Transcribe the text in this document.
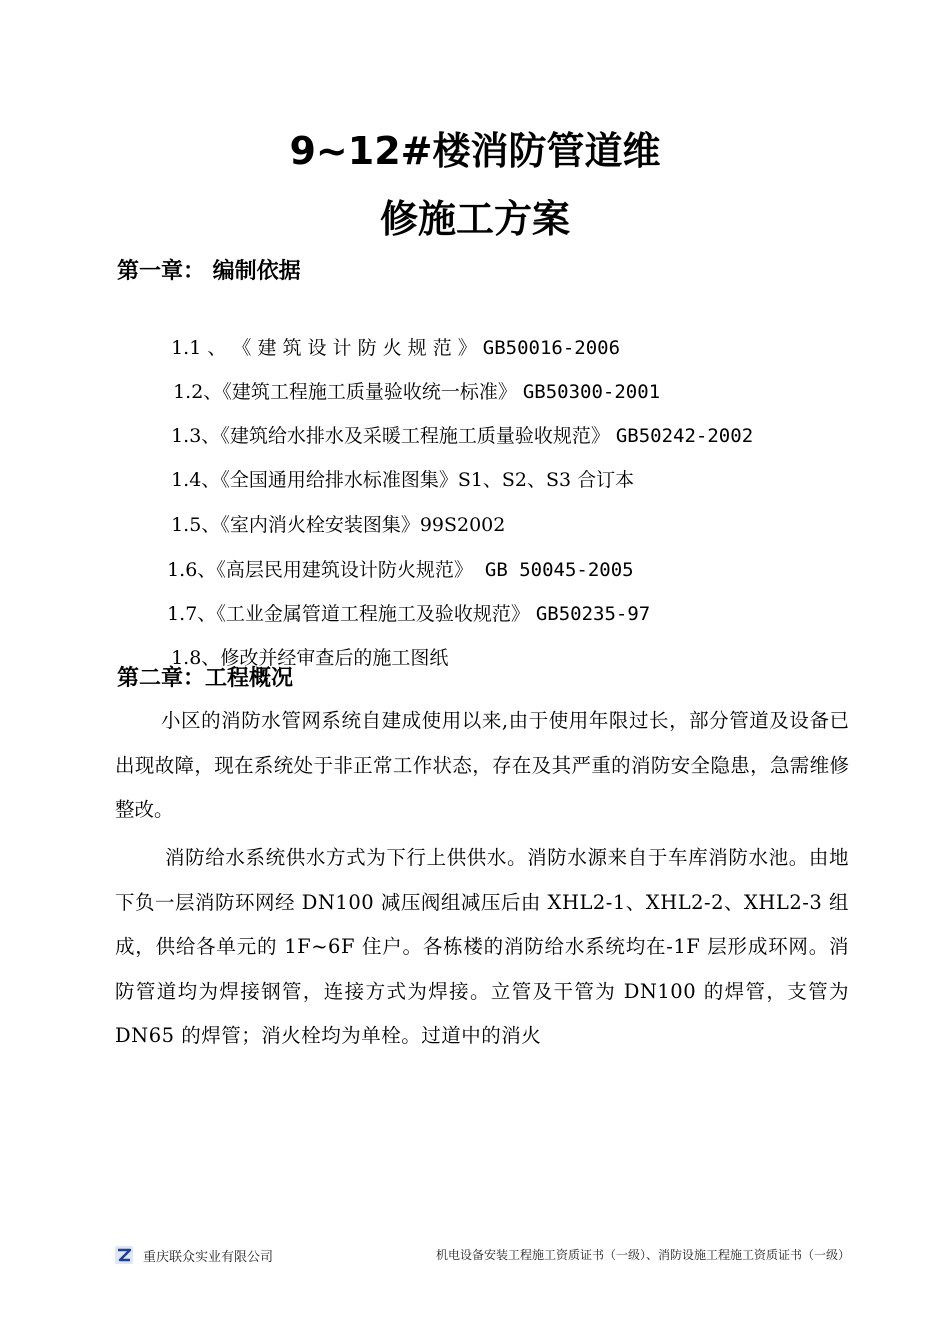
9~12#楼消防管道维
修施工方案
第一章： 编制依据

1.1 、 《 建 筑 设 计 防 火 规 范 》 GB50016-2006

1.2、《建筑工程施工质量验收统一标准》 GB50300-2001

1.3、《建筑给水排水及采暖工程施工质量验收规范》 GB50242-2002

1.4、《全国通用给排水标准图集》S1、S2、S3 合订本

1.5、《室内消火栓安装图集》99S2002

1.6、《高层民用建筑设计防火规范》  GB 50045-2005

1.7、《工业金属管道工程施工及验收规范》 GB50235-97

1.8、修改并经审查后的施工图纸

第二章：工程概况

小区的消防水管网系统自建成使用以来,由于使用年限过长，部分管道及设备已出现故障，现在系统处于非正常工作状态，存在及其严重的消防安全隐患，急需维修整改。

消防给水系统供水方式为下行上供供水。消防水源来自于车库消防水池。由地下负一层消防环网经 DN100 减压阀组减压后由 XHL2-1、XHL2-2、XHL2-3 组成，供给各单元的 1F~6F 住户。各栋楼的消防给水系统均在-1F 层形成环网。消防管道均为焊接钢管，连接方式为焊接。立管及干管为 DN100 的焊管，支管为 DN65 的焊管；消火栓均为单栓。过道中的消火

重庆联众实业有限公司	机电设备安装工程施工资质证书（一级）、消防设施工程施工资质证书（一级）
